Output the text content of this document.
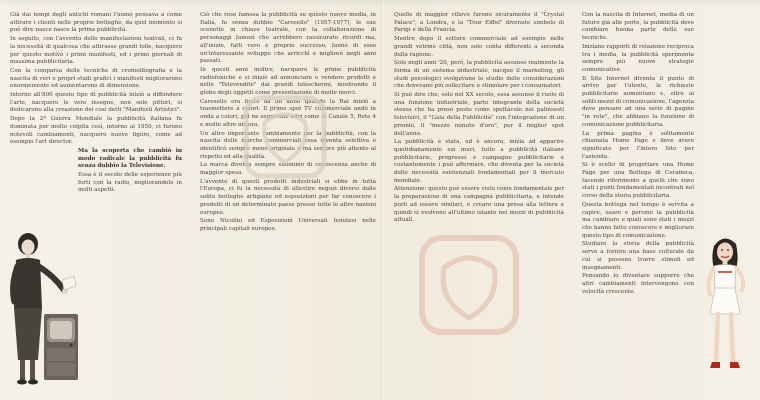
Già dai tempi degli antichi romani l'uomo pensava a come attirare i clienti nelle proprie botteghe, da quel momento si può dire nasce nasce la prima pubblicità.

In seguito, con l'avvento dello manifestazioni teatrali, ci fu la necessità di qualcosa che attirasse grandi folle, nacquero per questo motivo i primi manifesti, ed i primi giornali di massima pubblicitaria.

Con la comparsa delle tecniche di cromolitografia e la nascita di veri e propri studi grafici i manifesti migliorarono enormemente ed aumentarono di dimensione.

Intorno all'800 questo tipo di pubblicità iniziò a diffondere l'arte, nacquero le vere insegne, non solo pittori, si dedicarono alla creazione dei così detti "Manifesti Artistici".

Dopo la 2ª Guerra Mondiale la pubblicità italiana fu dominata per molto colpita così, intorno al 1950, ci furono notevoli cambiamenti, nacquero nuove figure, come ad esempio l'art director.

Ma la scoperta che cambiò in modo radicale la pubblicità fu senza dubbio la Televisione.

Essa è il secolo delle esperienze più forti con la radio, migliorandole in molti aspetti.

Ciò che rese famosa la pubblicità su questo nuovo media, in Italia, fu senza dubbio "Carosello" (1957-1977), le sue scenette in chiave teatrale, con la collaborazione di personaggi famosi che avrebbero rassicurato ricordi ma, all'inizio, fatti vero e proprio successo, fanno di esso un'interessante sviluppo che arricchì e migliorò negli anni passati.

In questi anni inoltre, nacquero le prime pubblicità radiofoniche e si iniziò ad annunciare e vendere prodotti e nelle "Televendite" dai grandi teleschermi, mostrando il globo degli oggetti come presentazione di molte merci.

Carosello era finito da un anno quando la Rai iniziò a trasmettere a colori. Il primo spot TV commerciale andò in onda a colori, poi ne seguirono altri come le Canale 5, Rete 4 e molte altre ancora.

Un altro importante cambiamento per la pubblicità, con la nascita delle marche commerciali essa diventa selettiva e identificò sempre meno originale e ma sempre più attento al rispetto ed alla qualità.

La marca diventa sempre sinonimo di conoscenza anche di maggior spesa.

L'avvento di questi prodotti industriali si ebbe in tutta l'Europa, ci fu la necessità di allestire negozi diversi dalle solite botteghe artigiane ed esposizioni per far conoscere i prodotti di un determinato paese presso tutte le altre nazioni europee.

Sono Nicolini ed Esposizioni Universali tenutesi nelle principali capitali europee.

Quelle di maggior rilievo furono sicuramente il "Crystal Palace", a Londra, e la "Tour Eiffel" divenute simbolo di Parigi e della Francia.

Mentre dopo il settore commerciale ad esempio nelle grandi vetrine città, non solo conta differenti a seconda della ragione.

Solo negli anni '20, però, la pubblicità assunse realmente la forma di un sistema industriale, nacque il marketing, gli studi psicologici svolgevano lo studio delle considerazioni che dovevano più sollecitare e stimolare per i consumatori.

Si può dire che, solo nel XX secolo, essa assunse il ruolo di una funzione industriale, parte integrante della società stessa che ha preso posto come spettacolo nei palinsesti televisivi, il "Gala della Pubblicità" con l'integrazione di un premio, il "mezzo minuto d'oro", per il miglior spot dell'anno.

La pubblicità è stata, ed è ancora, inizia ad apparire quotidianamente sui muri, tutte a pubblicità italiane pubblicitarie, progresso e campagne pubblicitarie e costantemente i può affermare, che diventa per la società delle necessità esistenziali fondamentali per il mercato mondiale.

Attenzione: questo può essere visto come fondamentale per la preparazione di una campagna pubblicitaria, e intende porli ad essere similari, e creare una presa alla lettera e quindi si evolvono all'ultimo istante nei mezzi di pubblicità attuali.

Con la nascita di Internet, media di un futuro già alle porte, la pubblicità deve cambiare buona parte delle sue tecniche.

Iniziano rapporti di relazione reciproca tra i media, la pubblicità sperimenta sempre più nuove strategie comunicative.

Il Sito Internet diventa il punto di arrivo per l'utente, le richieste pubblicitarie aumentano e, oltre ai soliti mezzi di comunicazione, l'agenzia deve pensare ad una serie di pagine "in rete", che abbiano la funzione di comunicazione pubblicitaria.

La prima pagina è solitamente chiamata Home Page e deve avere significato per l'intero Sito per l'azienda.

Si è scelto di progettare una Home Page per una Bottega di Ceramica, facendo riferimento a quelli che sono stati i punti fondamentali incontrati nel corso della storia pubblicitaria.

Questa bottega nel tempo è servita a capire, usare e persino la pubblicità ma cambiare e quali sono stati i mezzi che hanno fatto conoscere e migliorare questo tipo di comunicazione.

Studiare la storia della pubblicità serve a fornire una base culturale da cui si possono trarre stimoli ed insegnamenti.

Pensando lo diventare supporre che altri cambiamenti intervengono con velocità crescente.
